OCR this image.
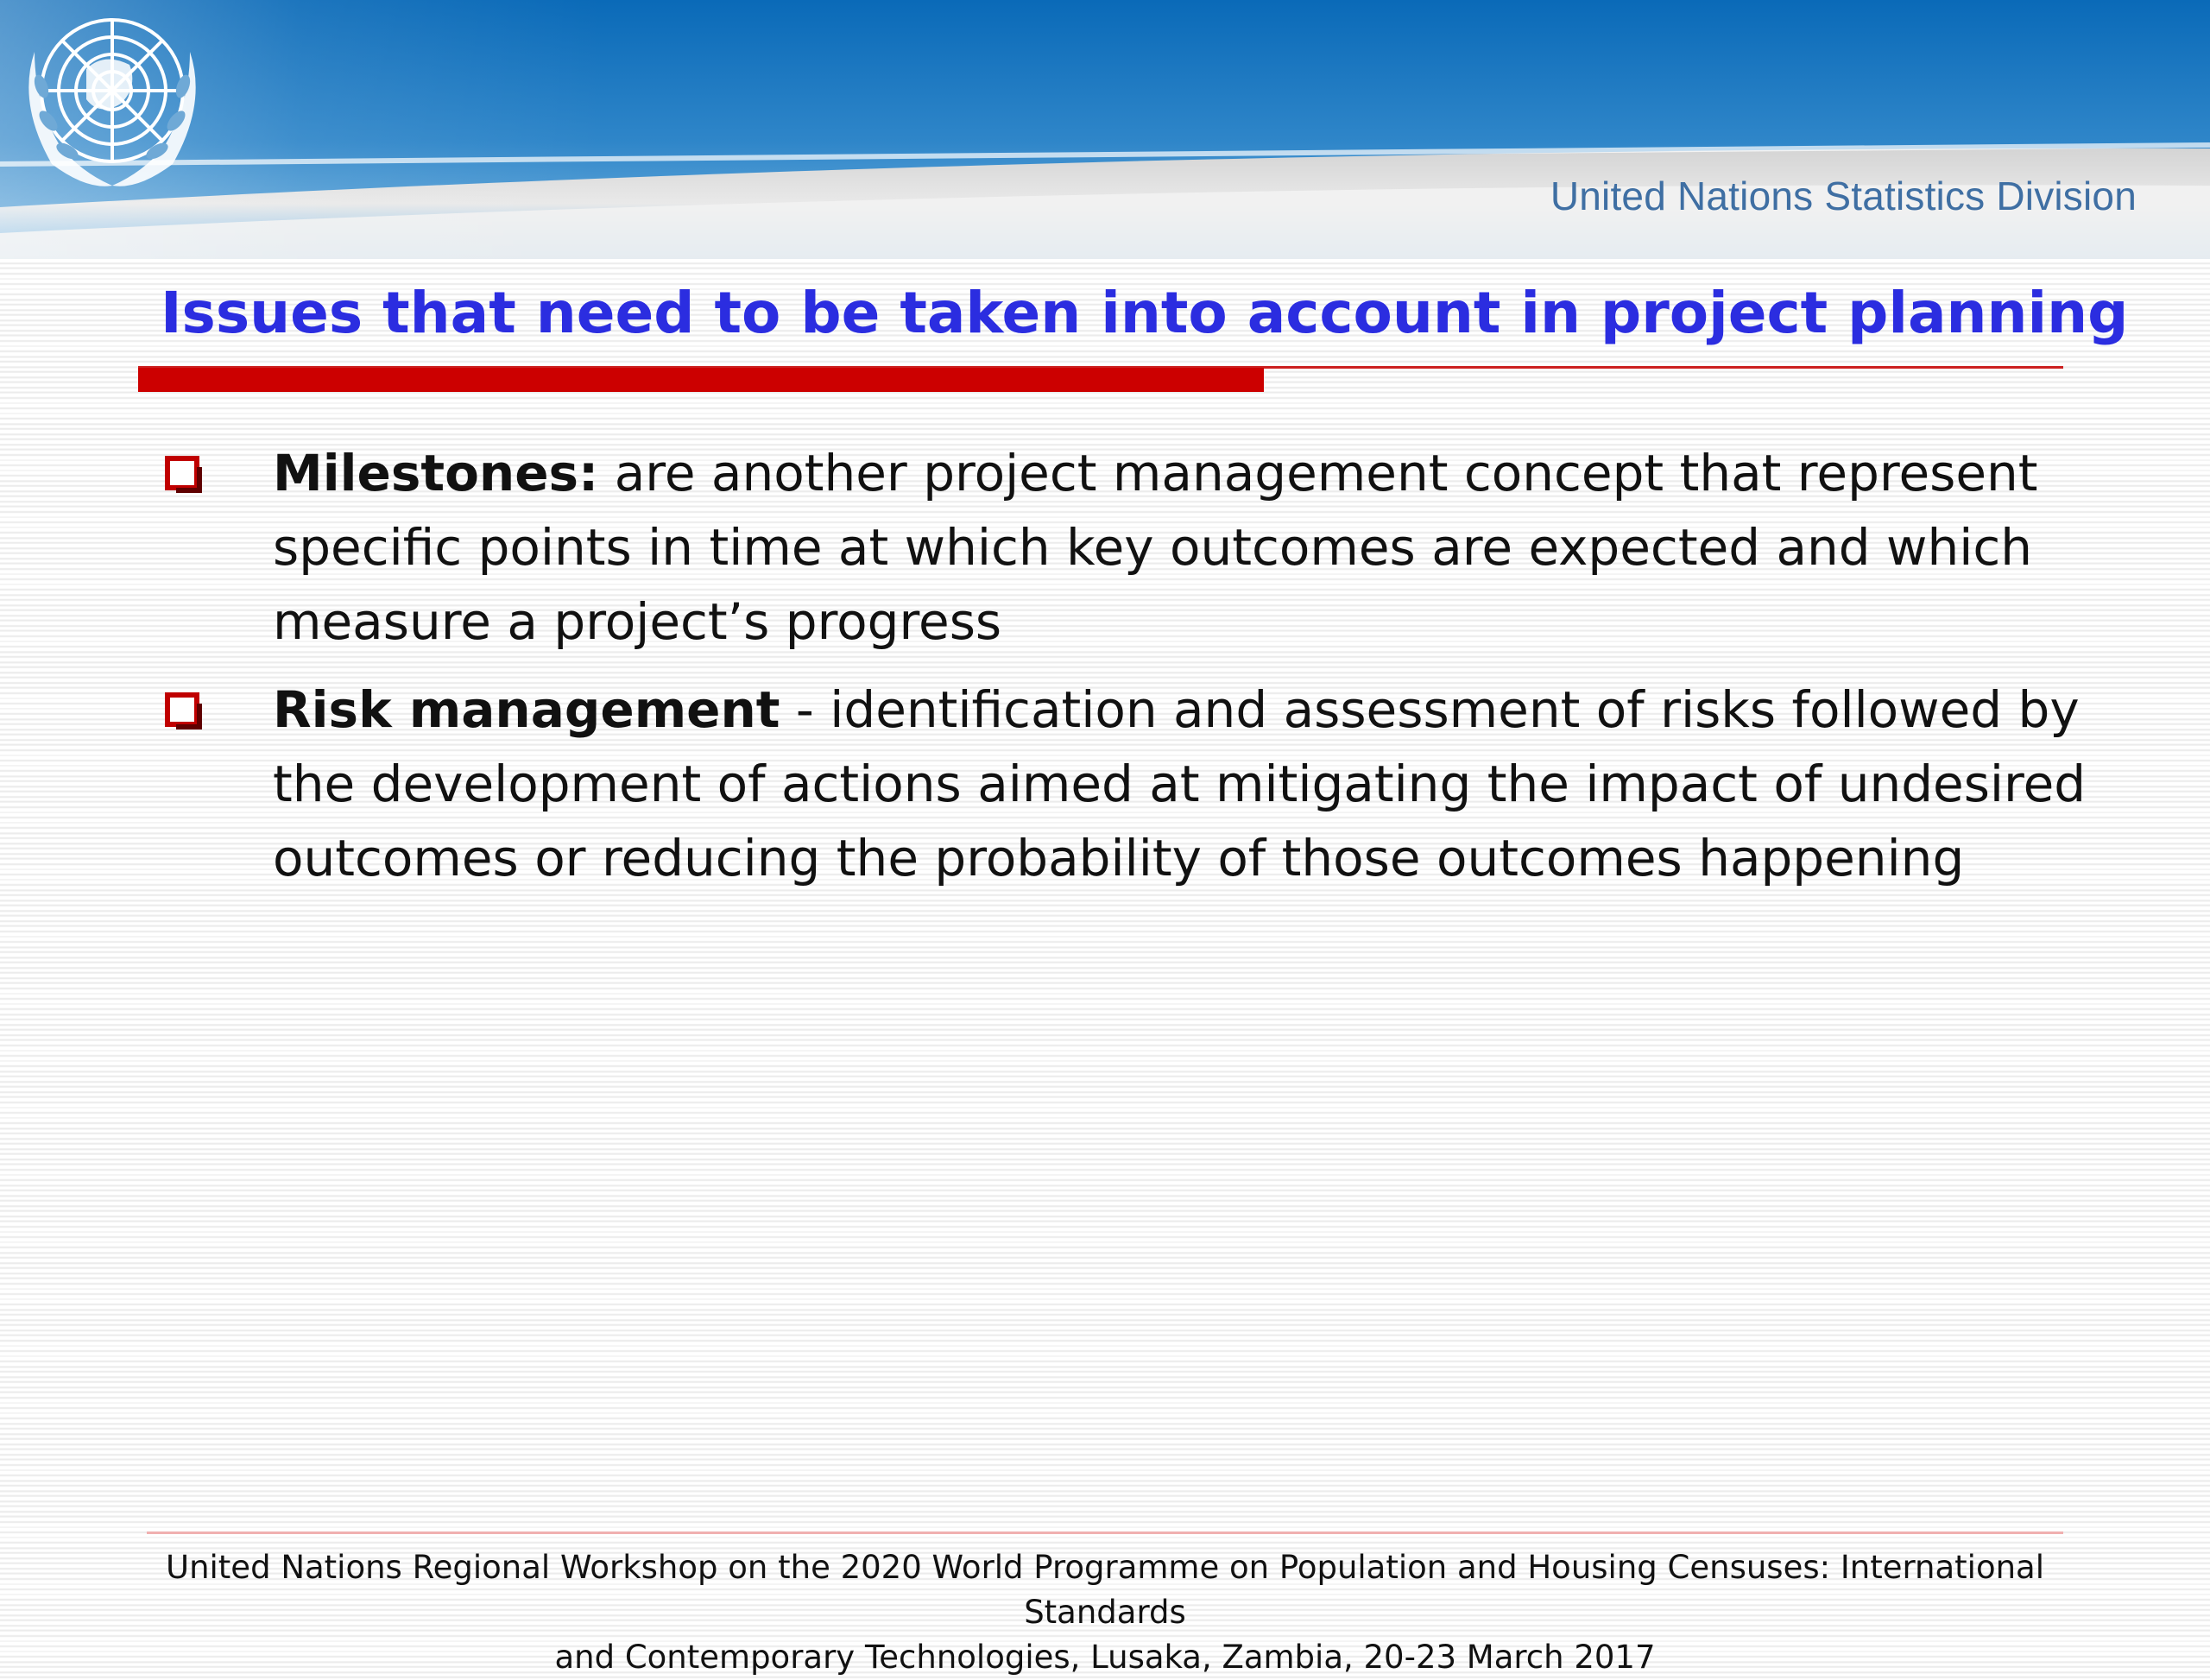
United Nations Statistics Division
Issues that need to be taken into account in project planning
Milestones: are another project management concept that represent specific points in time at which key outcomes are expected and which measure a project’s progress
Risk management - identification and assessment of risks followed by the development of actions aimed at mitigating the impact of undesired outcomes or reducing the probability of those outcomes happening
United Nations Regional Workshop on the 2020 World Programme on Population and Housing Censuses: International Standards
and Contemporary Technologies, Lusaka, Zambia, 20-23 March 2017
